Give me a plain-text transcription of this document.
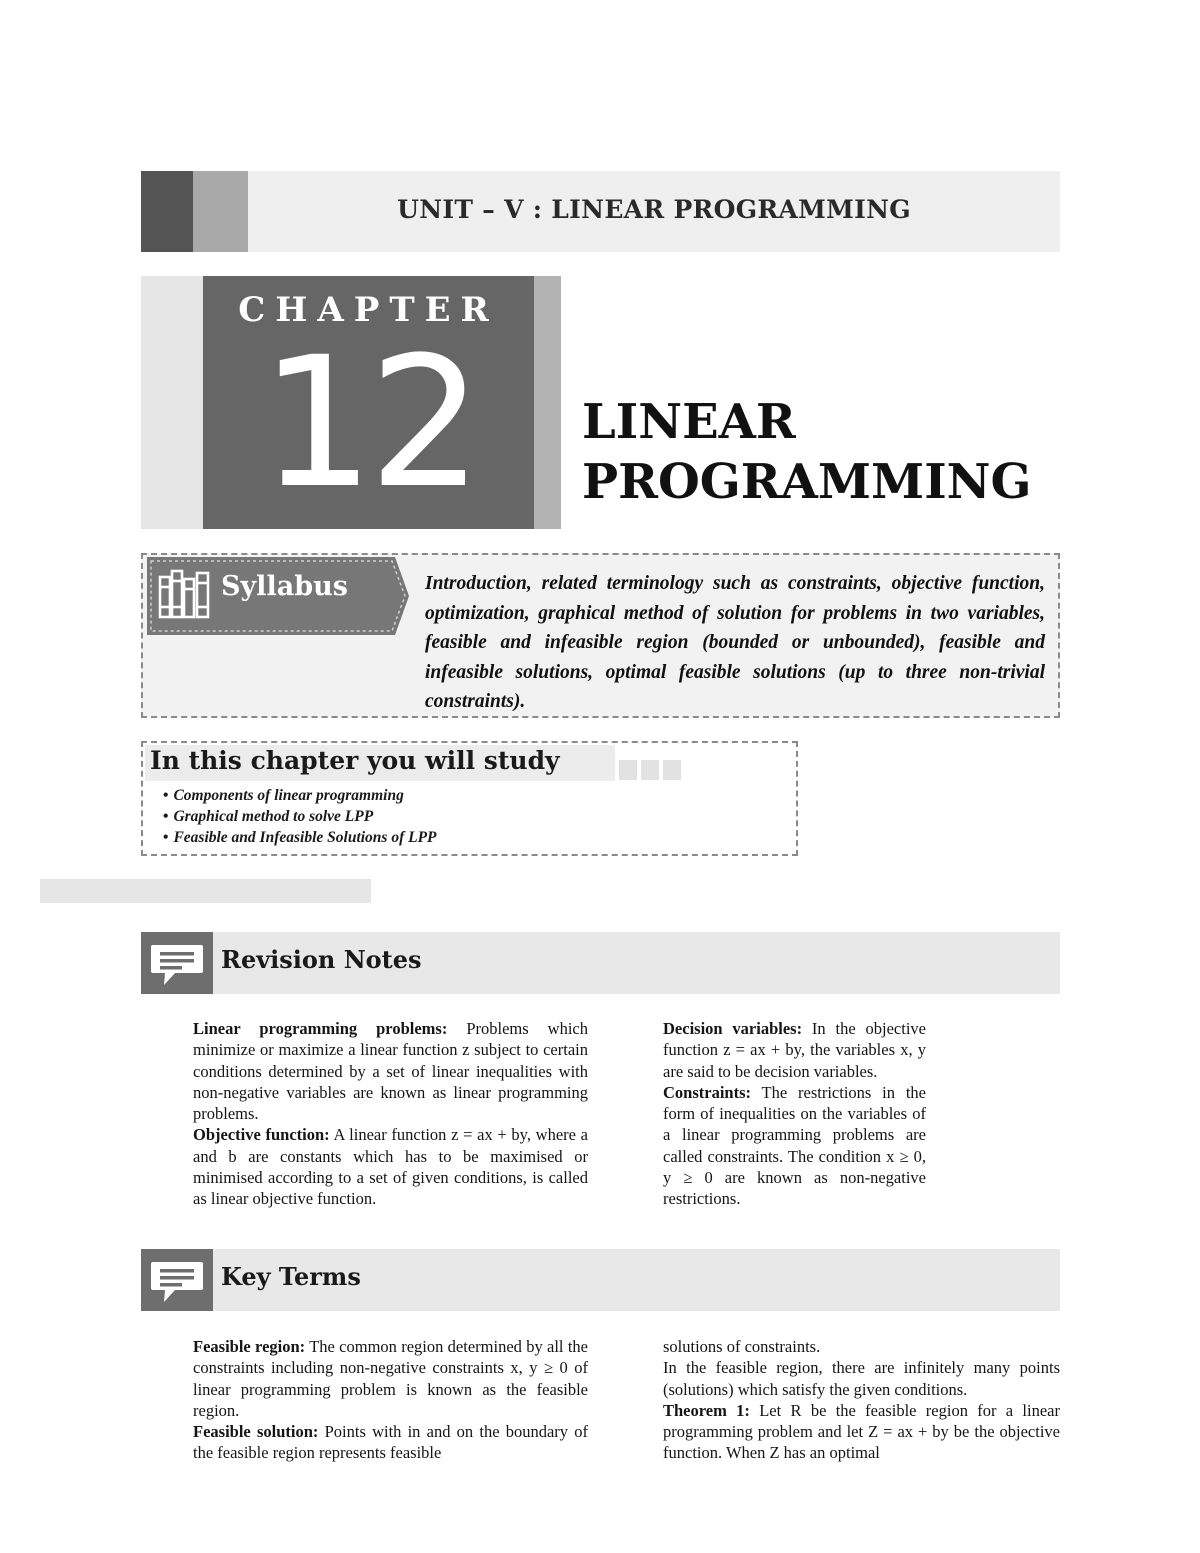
UNIT – V : LINEAR PROGRAMMING
CHAPTER
12	LINEAR
PROGRAMMING
Syllabus	Introduction, related terminology such as constraints, objective function, optimization, graphical method of solution for problems in two variables, feasible and infeasible region (bounded or unbounded), feasible and infeasible solutions, optimal feasible solutions (up to three non-trivial constraints).
In this chapter you will study
• Components of linear programming
• Graphical method to solve LPP
• Feasible and Infeasible Solutions of LPP
Revision Notes

Linear programming problems: Problems which minimize or maximize a linear function z subject to certain conditions determined by a set of linear inequalities with non-negative variables are known as linear programming problems.

Objective function: A linear function z = ax + by, where a and b are constants which has to be maximised or minimised according to a set of given conditions, is called as linear objective function.

Decision variables: In the objective function z = ax + by, the variables x, y are said to be decision variables.

Constraints: The restrictions in the form of inequalities on the variables of a linear programming problems are called constraints. The condition x ≥ 0, y ≥ 0 are known as non-negative restrictions.

Key Terms

Feasible region: The common region determined by all the constraints including non-negative constraints x, y ≥ 0 of linear programming problem is known as the feasible region.

Feasible solution: Points with in and on the boundary of the feasible region represents feasible

solutions of constraints.

In the feasible region, there are infinitely many points (solutions) which satisfy the given conditions.

Theorem 1: Let R be the feasible region for a linear programming problem and let Z = ax + by be the objective function. When Z has an optimal
